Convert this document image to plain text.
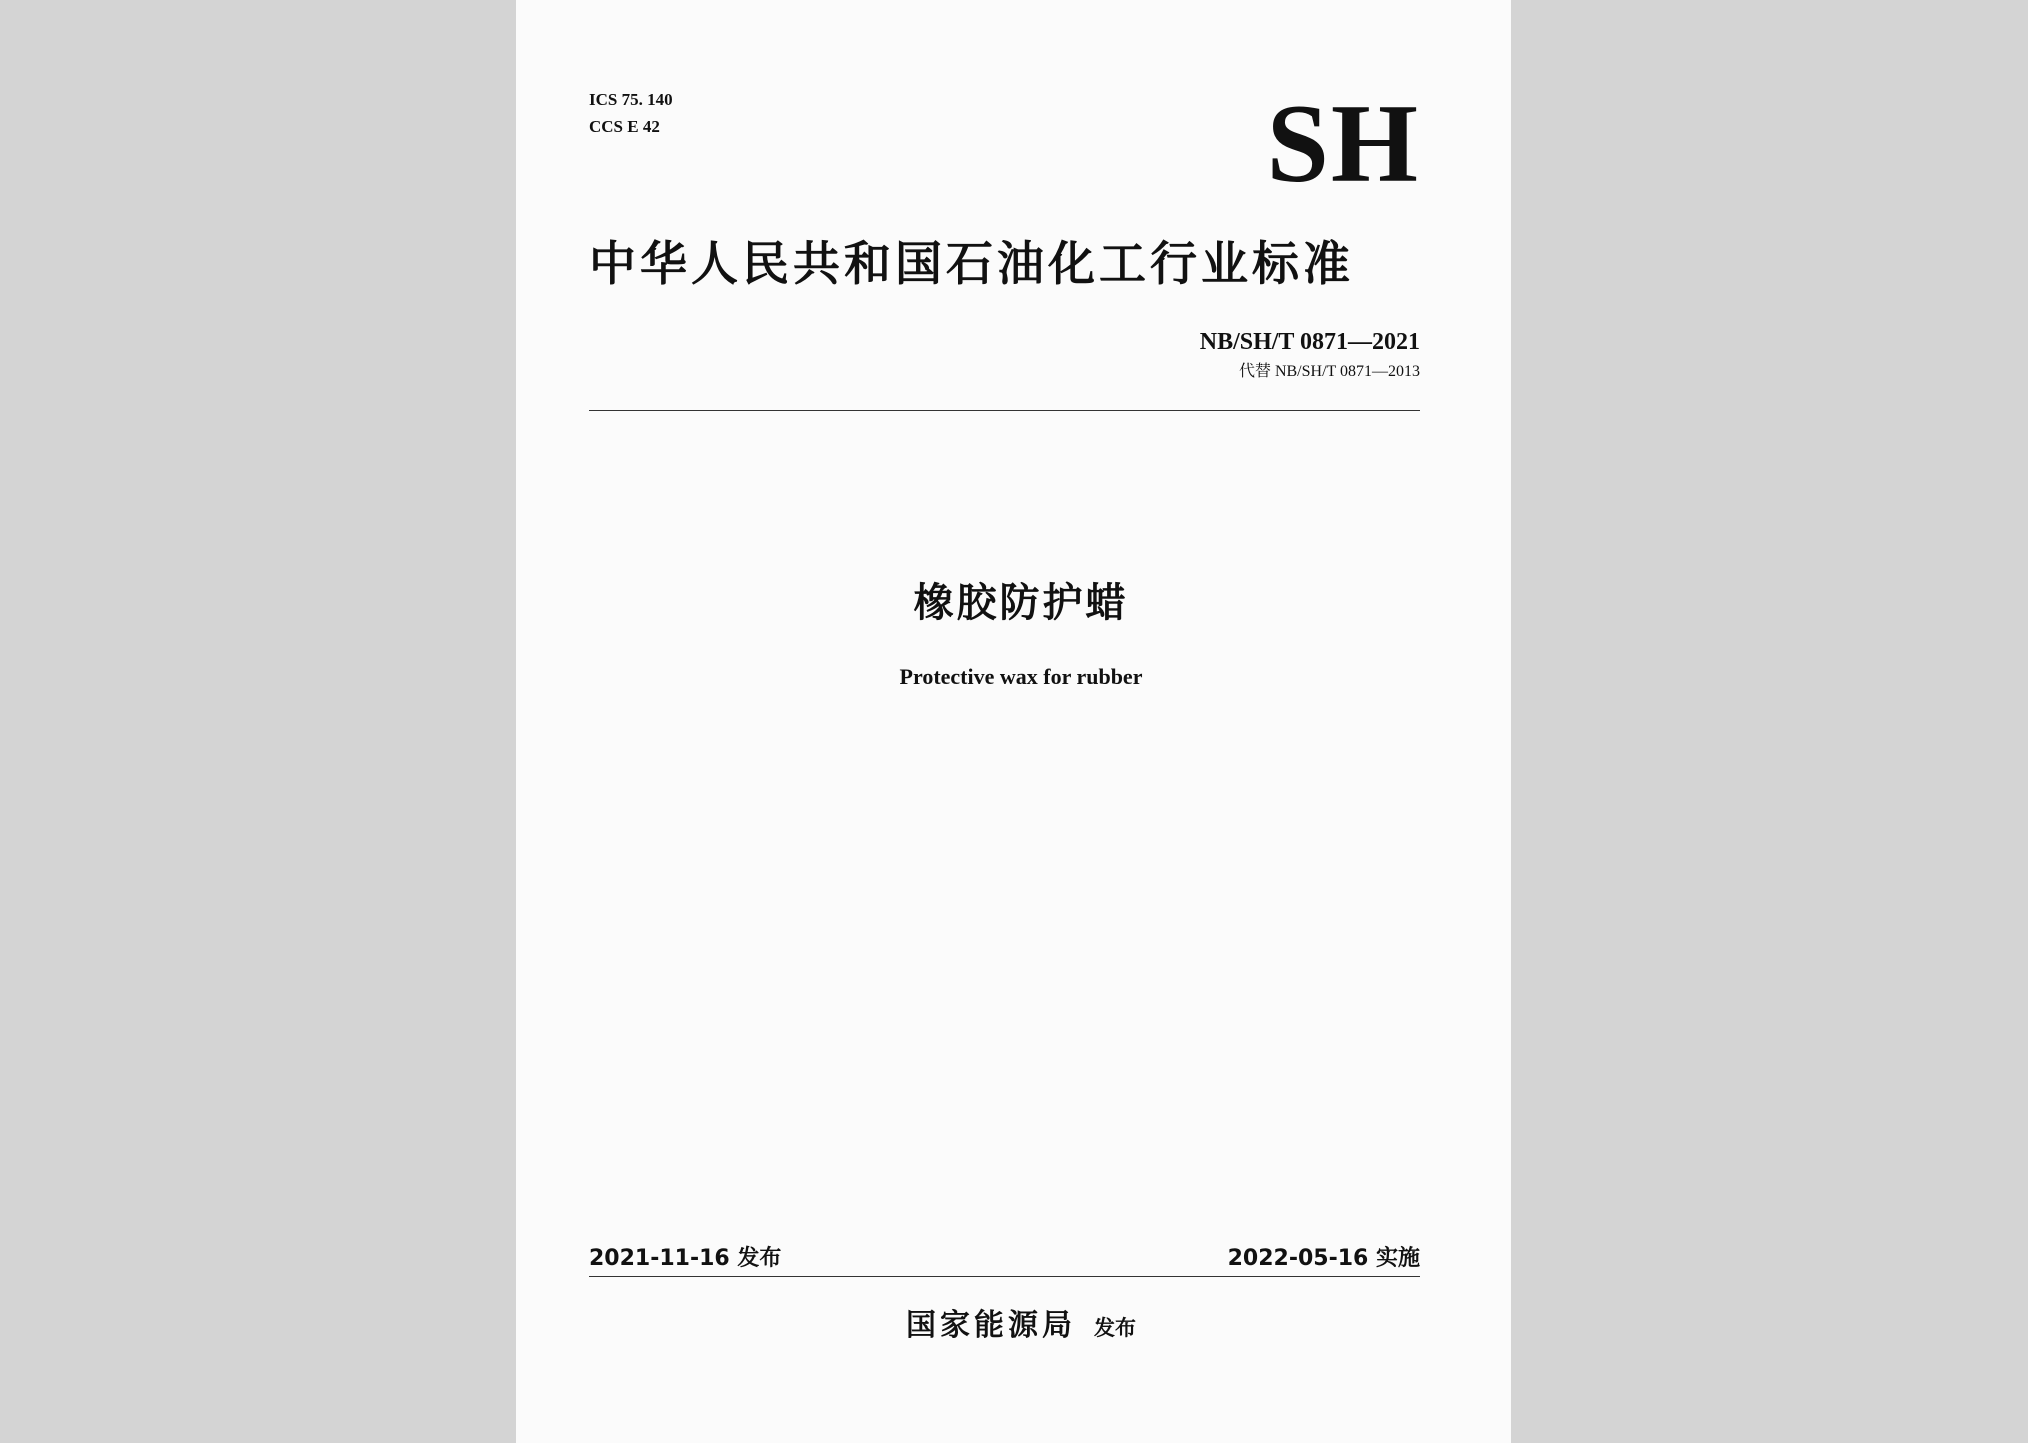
ICS 75. 140
CCS E 42	SH
中华人民共和国石油化工行业标准
NB/SH/T 0871—2021
代替 NB/SH/T 0871—2013
橡胶防护蜡
Protective wax for rubber
2021-11-16 发布	2022-05-16 实施
国家能源局 发布
